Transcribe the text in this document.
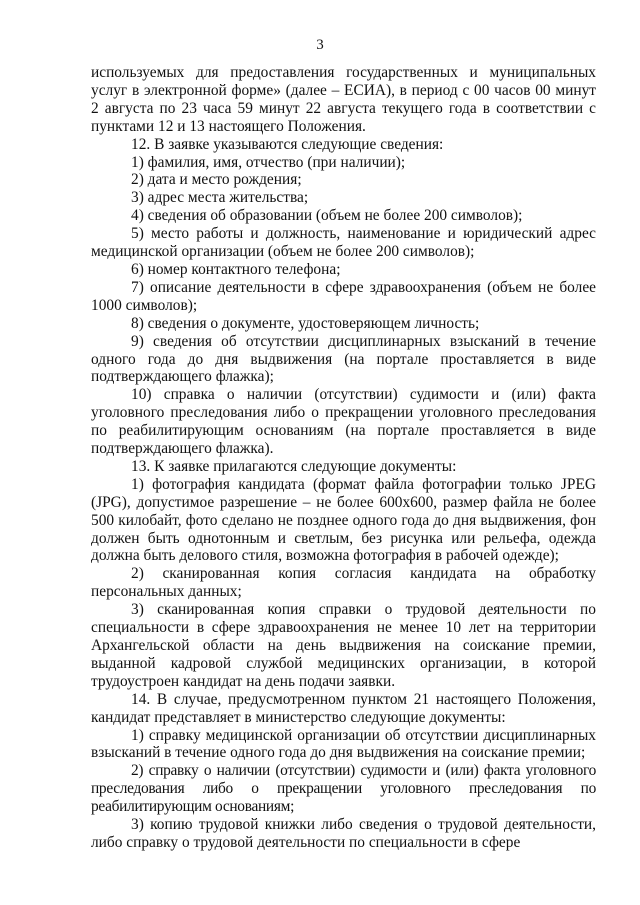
3

используемых для предоставления государственных и муниципальных услуг в электронной форме» (далее – ЕСИА), в период с 00 часов 00 минут 2 августа по 23 часа 59 минут 22 августа текущего года в соответствии с пунктами 12 и 13 настоящего Положения.

12. В заявке указываются следующие сведения:

1) фамилия, имя, отчество (при наличии);

2) дата и место рождения;

3) адрес места жительства;

4) сведения об образовании (объем не более 200 символов);

5) место работы и должность, наименование и юридический адрес медицинской организации (объем не более 200 символов);

6) номер контактного телефона;

7) описание деятельности в сфере здравоохранения (объем не более 1000 символов);

8) сведения о документе, удостоверяющем личность;

9) сведения об отсутствии дисциплинарных взысканий в течение одного года до дня выдвижения (на портале проставляется в виде подтверждающего флажка);

10) справка о наличии (отсутствии) судимости и (или) факта уголовного преследования либо о прекращении уголовного преследования по реабилитирующим основаниям (на портале проставляется в виде подтверждающего флажка).

13. К заявке прилагаются следующие документы:

1) фотография кандидата (формат файла фотографии только JPEG (JPG), допустимое разрешение – не более 600x600, размер файла не более 500 килобайт, фото сделано не позднее одного года до дня выдвижения, фон должен быть однотонным и светлым, без рисунка или рельефа, одежда должна быть делового стиля, возможна фотография в рабочей одежде);

2) сканированная копия согласия кандидата на обработку персональных данных;

3) сканированная копия справки о трудовой деятельности по специальности в сфере здравоохранения не менее 10 лет на территории Архангельской области на день выдвижения на соискание премии, выданной кадровой службой медицинских организации, в которой трудоустроен кандидат на день подачи заявки.

14. В случае, предусмотренном пунктом 21 настоящего Положения, кандидат представляет в министерство следующие документы:

1) справку медицинской организации об отсутствии дисциплинарных взысканий в течение одного года до дня выдвижения на соискание премии;

2) справку о наличии (отсутствии) судимости и (или) факта уголовного преследования либо о прекращении уголовного преследования по реабилитирующим основаниям;

3) копию трудовой книжки либо сведения о трудовой деятельности, либо справку о трудовой деятельности по специальности в сфере
